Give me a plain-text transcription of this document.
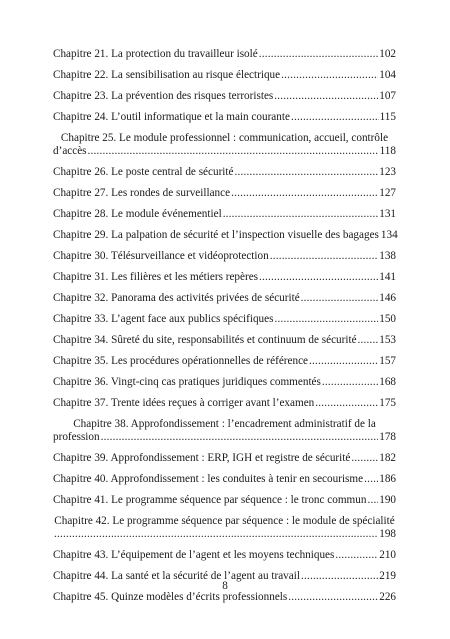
Chapitre 21. La protection du travailleur isolé .....	102
Chapitre 22. La sensibilisation au risque électrique .....	104
Chapitre 23. La prévention des risques terroristes .....	107
Chapitre 24. L’outil informatique et la main courante .....	115
Chapitre 25. Le module professionnel : communication, accueil, contrôle
d’accès .....	118
Chapitre 26. Le poste central de sécurité .....	123
Chapitre 27. Les rondes de surveillance .....	127
Chapitre 28. Le module événementiel .....	131
Chapitre 29. La palpation de sécurité et l’inspection visuelle des bagages 134
Chapitre 30. Télésurveillance et vidéoprotection .....	138
Chapitre 31. Les filières et les métiers repères .....	141
Chapitre 32. Panorama des activités privées de sécurité .....	146
Chapitre 33. L’agent face aux publics spécifiques .....	150
Chapitre 34. Sûreté du site, responsabilités et continuum de sécurité ..... 153
Chapitre 35. Les procédures opérationnelles de référence .....	157
Chapitre 36. Vingt-cinq cas pratiques juridiques commentés .....	168
Chapitre 37. Trente idées reçues à corriger avant l’examen .....	175
Chapitre 38. Approfondissement : l’encadrement administratif de la
profession .....	178
Chapitre 39. Approfondissement : ERP, IGH et registre de sécurité .....	182
Chapitre 40. Approfondissement : les conduites à tenir en secourisme ..... 186
Chapitre 41. Le programme séquence par séquence : le tronc commun ..... 190
Chapitre 42. Le programme séquence par séquence : le module de spécialité
.....
198
Chapitre 43. L’équipement de l’agent et les moyens techniques .....	210
Chapitre 44. La santé et la sécurité de l’agent au travail .....	219
Chapitre 45. Quinze modèles d’écrits professionnels .....	226
8
